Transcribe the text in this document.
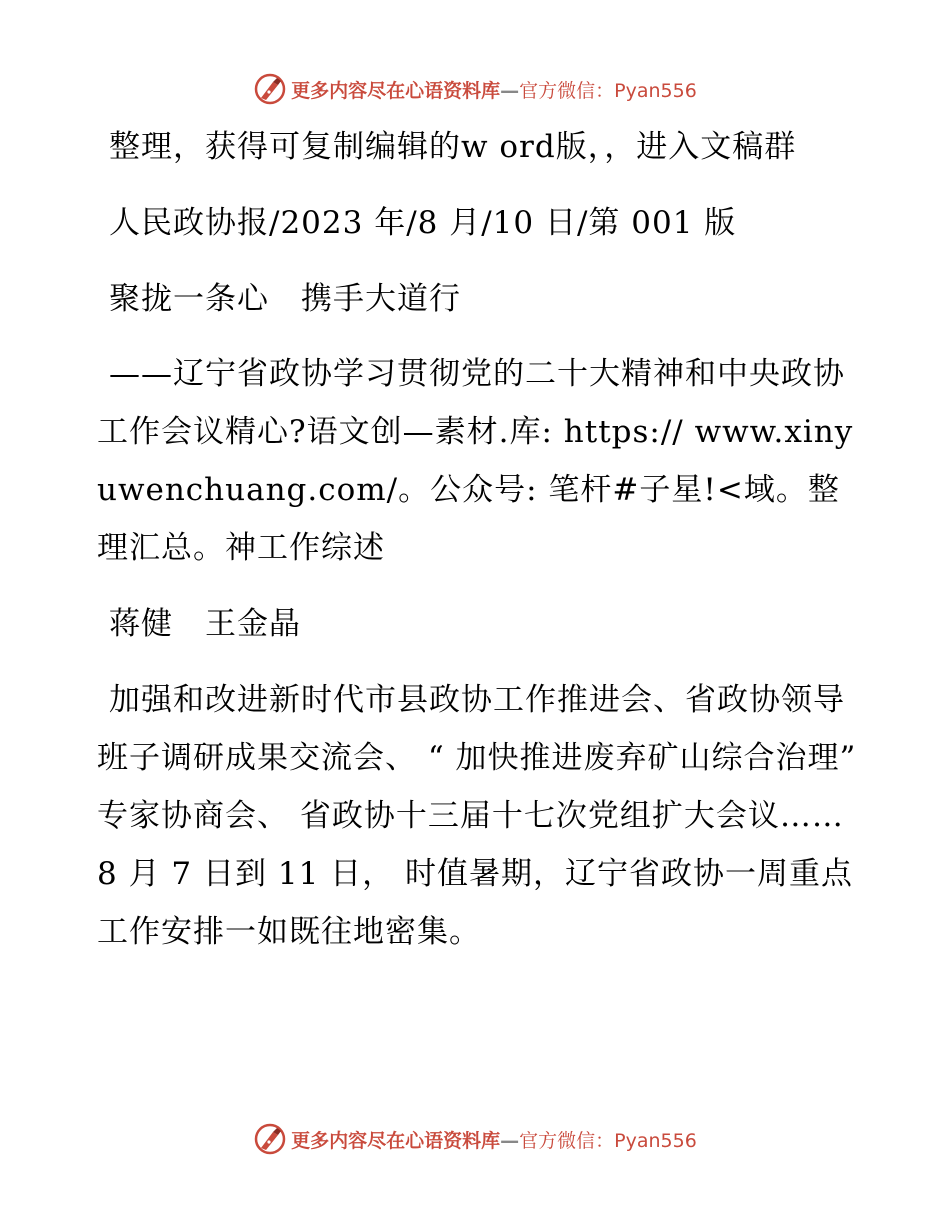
更多内容尽在心语资料库—官方微信：Pyan556

整理，获得可复制编辑的w ord版，，进入文稿群

人民政协报/2023 年/8 月/10 日/第 001 版

聚拢一条心　携手大道行

——辽宁省政协学习贯彻党的二十大精神和中央政协工作会议精心?语文创—素材.库: https:// www.xinyuwenchuang.com/。公众号: 笔杆#子星!<域。整理汇总。神工作综述

蒋健　王金晶

加强和改进新时代市县政协工作推进会、省政协领导班子调研成果交流会、 “ 加快推进废弃矿山综合治理” 专家协商会、 省政协十三届十七次党组扩大会议…… 8 月 7 日到 11 日， 时值暑期，辽宁省政协一周重点工作安排一如既往地密集。

更多内容尽在心语资料库—官方微信：Pyan556
